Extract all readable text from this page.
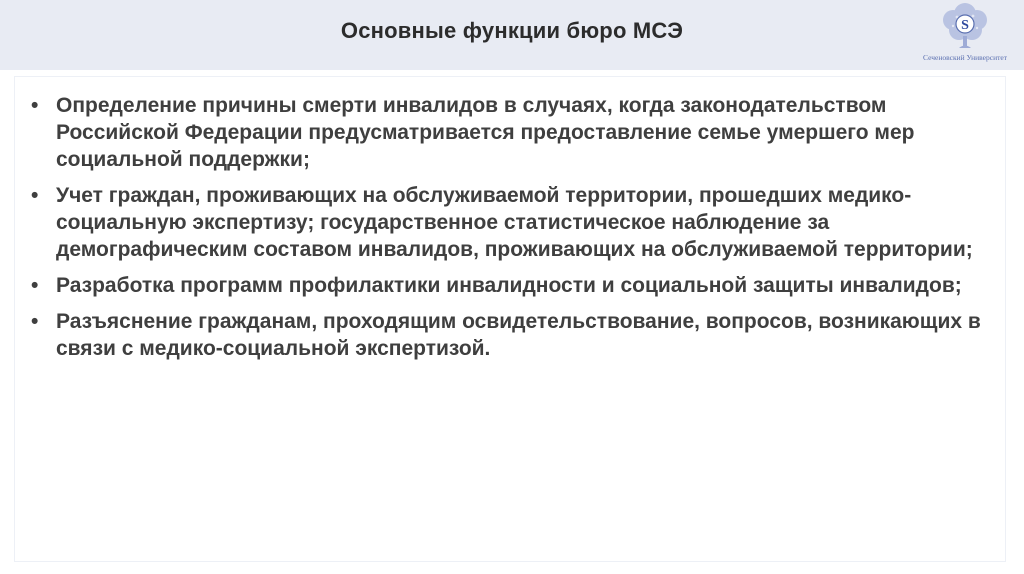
Основные функции бюро МСЭ	S
Сеченовский Университет
• Определение причины смерти инвалидов в случаях, когда законодательством Российской Федерации предусматривается предоставление семье умершего мер социальной поддержки;
• Учет граждан, проживающих на обслуживаемой территории, прошедших медико-социальную экспертизу; государственное статистическое наблюдение за демографическим составом инвалидов, проживающих на обслуживаемой территории;
• Разработка программ профилактики инвалидности и социальной защиты инвалидов;
• Разъяснение гражданам, проходящим освидетельствование, вопросов, возникающих в связи с медико-социальной экспертизой.
